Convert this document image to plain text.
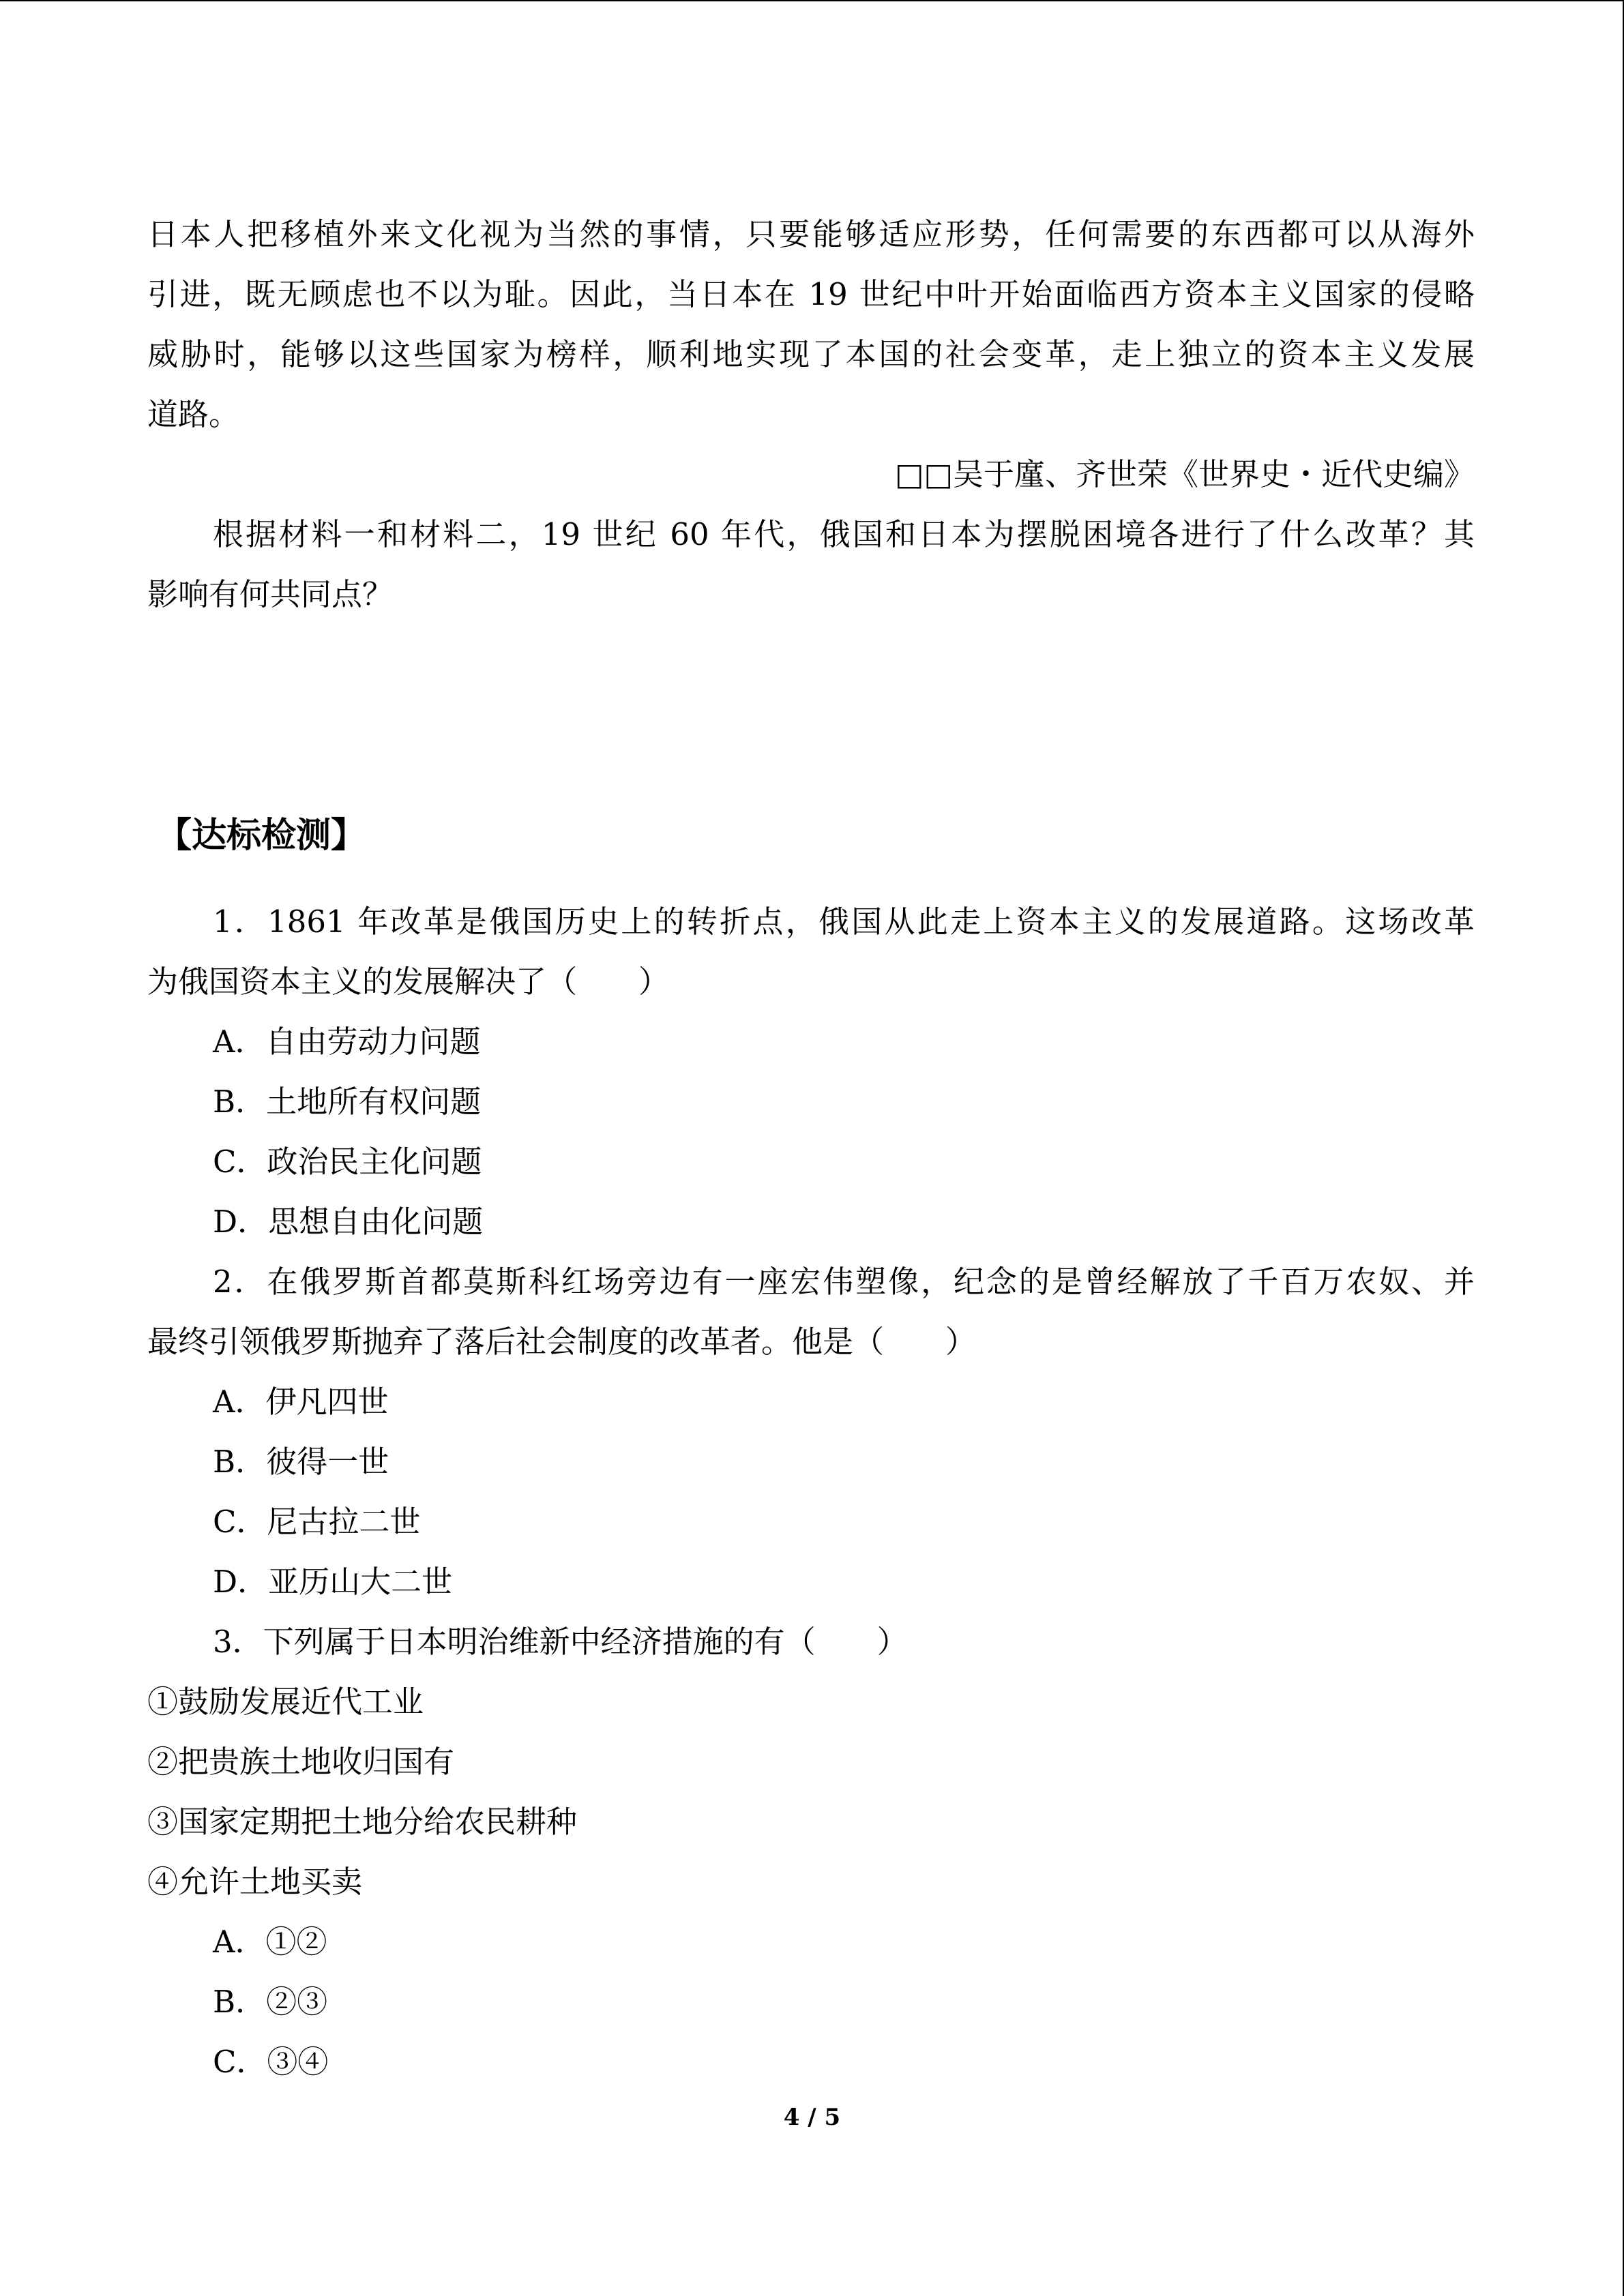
日本人把移植外来文化视为当然的事情，只要能够适应形势，任何需要的东西都可以从海外
引进，既无顾虑也不以为耻。因此，当日本在 19 世纪中叶开始面临西方资本主义国家的侵略
威胁时，能够以这些国家为榜样，顺利地实现了本国的社会变革，走上独立的资本主义发展
道路。
□□吴于廑、齐世荣《世界史・近代史编》
根据材料一和材料二，19 世纪 60 年代，俄国和日本为摆脱困境各进行了什么改革？其
影响有何共同点？
【达标检测】
1．1861 年改革是俄国历史上的转折点，俄国从此走上资本主义的发展道路。这场改革
为俄国资本主义的发展解决了（　　）
A．自由劳动力问题
B．土地所有权问题
C．政治民主化问题
D．思想自由化问题
2．在俄罗斯首都莫斯科红场旁边有一座宏伟塑像，纪念的是曾经解放了千百万农奴、并
最终引领俄罗斯抛弃了落后社会制度的改革者。他是（　　）
A．伊凡四世
B．彼得一世
C．尼古拉二世
D．亚历山大二世
3．下列属于日本明治维新中经济措施的有（　　）
①鼓励发展近代工业
②把贵族土地收归国有
③国家定期把土地分给农民耕种
④允许土地买卖
A．①②
B．②③
C．③④
4 / 5
